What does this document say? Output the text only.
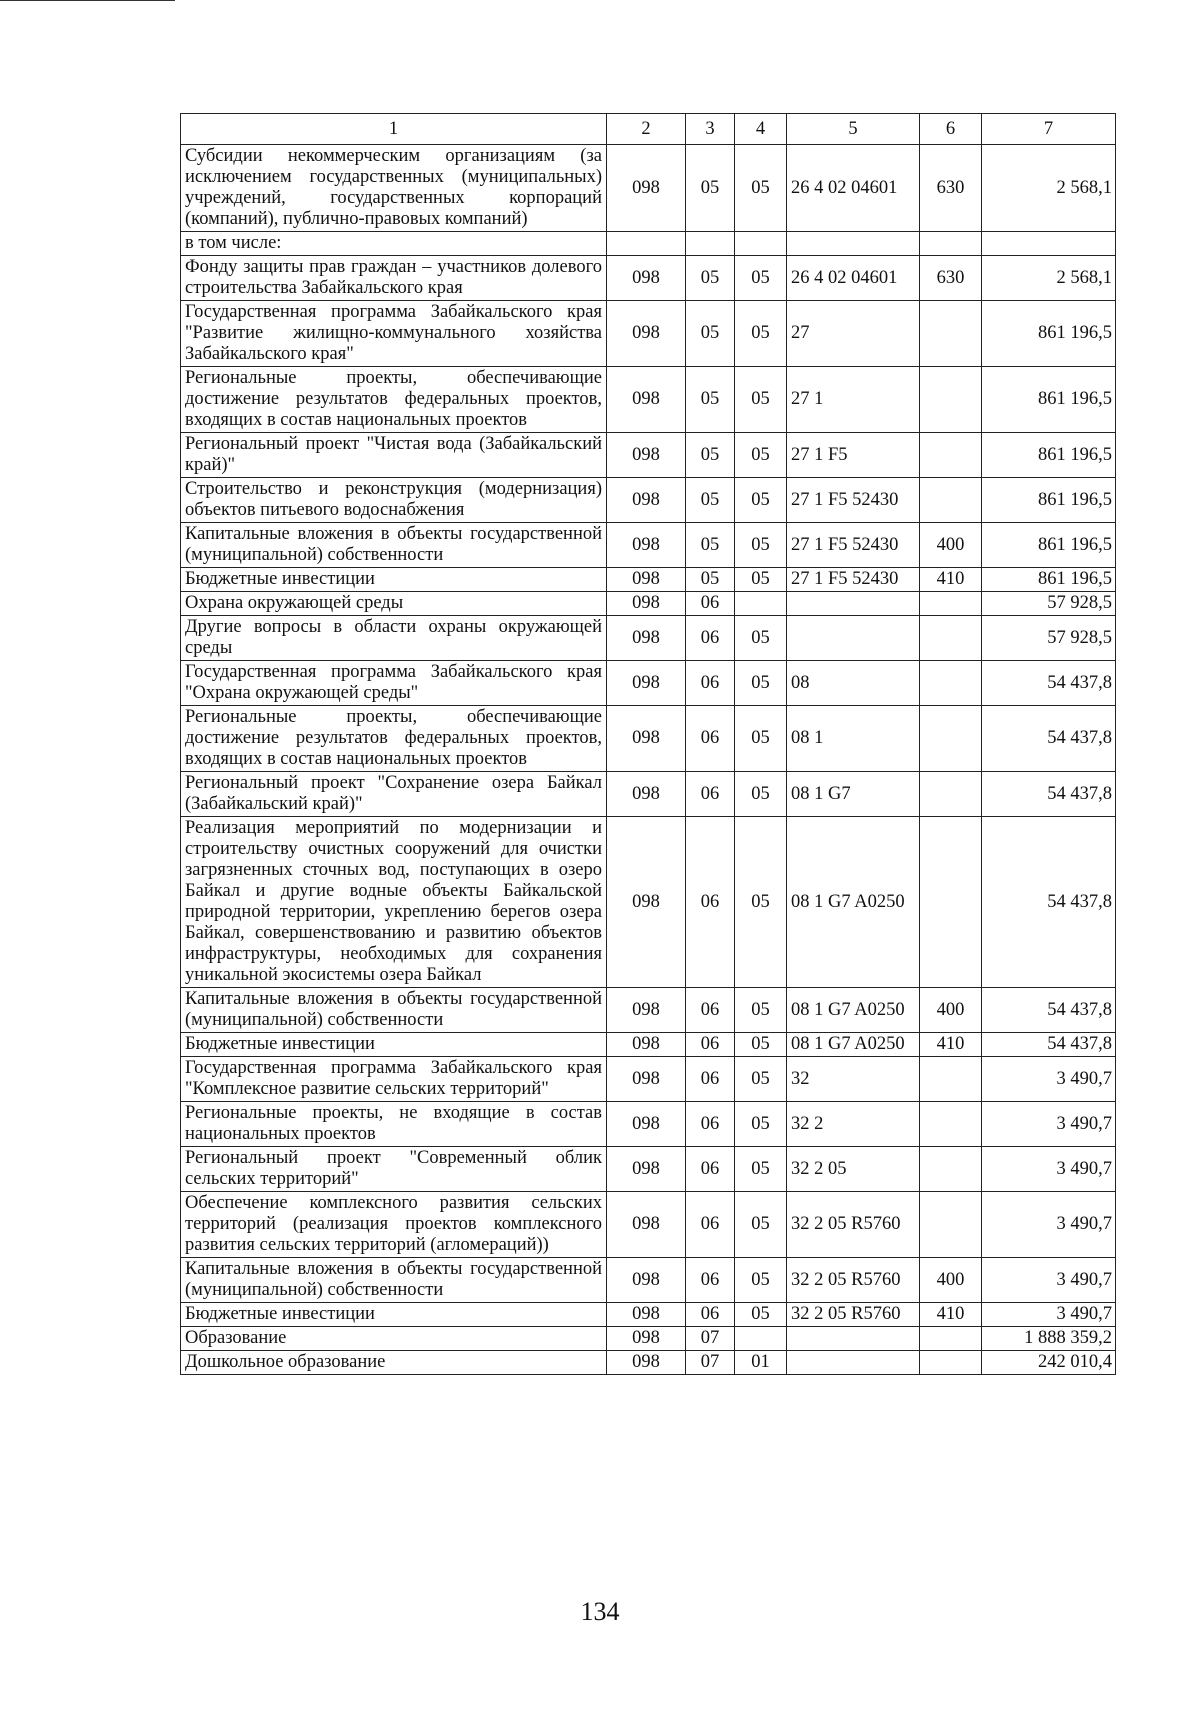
1	2	3	4	5	6	7
Субсидии некоммерческим организациям (за исключением государственных (муниципальных) учреждений, государственных корпораций (компаний), публично-правовых компаний)	098	05	05	26 4 02 04601	630	2 568,1
в том числе:						
Фонду защиты прав граждан – участников долевого строительства Забайкальского края	098	05	05	26 4 02 04601	630	2 568,1
Государственная программа Забайкальского края "Развитие жилищно-коммунального хозяйства Забайкальского края"	098	05	05	27		861 196,5
Региональные проекты, обеспечивающие достижение результатов федеральных проектов, входящих в состав национальных проектов	098	05	05	27 1		861 196,5
Региональный проект "Чистая вода (Забайкальский край)"	098	05	05	27 1 F5		861 196,5
Строительство и реконструкция (модернизация) объектов питьевого водоснабжения	098	05	05	27 1 F5 52430		861 196,5
Капитальные вложения в объекты государственной (муниципальной) собственности	098	05	05	27 1 F5 52430	400	861 196,5
Бюджетные инвестиции	098	05	05	27 1 F5 52430	410	861 196,5
Охрана окружающей среды	098	06				57 928,5
Другие вопросы в области охраны окружающей среды	098	06	05			57 928,5
Государственная программа Забайкальского края "Охрана окружающей среды"	098	06	05	08		54 437,8
Региональные проекты, обеспечивающие достижение результатов федеральных проектов, входящих в состав национальных проектов	098	06	05	08 1		54 437,8
Региональный проект "Сохранение озера Байкал (Забайкальский край)"	098	06	05	08 1 G7		54 437,8
Реализация мероприятий по модернизации и строительству очистных сооружений для очистки загрязненных сточных вод, поступающих в озеро Байкал и другие водные объекты Байкальской природной территории, укреплению берегов озера Байкал, совершенствованию и развитию объектов инфраструктуры, необходимых для сохранения уникальной экосистемы озера Байкал	098	06	05	08 1 G7 A0250		54 437,8
Капитальные вложения в объекты государственной (муниципальной) собственности	098	06	05	08 1 G7 A0250	400	54 437,8
Бюджетные инвестиции	098	06	05	08 1 G7 A0250	410	54 437,8
Государственная программа Забайкальского края "Комплексное развитие сельских территорий"	098	06	05	32		3 490,7
Региональные проекты, не входящие в состав национальных проектов	098	06	05	32 2		3 490,7
Региональный проект "Современный облик сельских территорий"	098	06	05	32 2 05		3 490,7
Обеспечение комплексного развития сельских территорий (реализация проектов комплексного развития сельских территорий (агломераций))	098	06	05	32 2 05 R5760		3 490,7
Капитальные вложения в объекты государственной (муниципальной) собственности	098	06	05	32 2 05 R5760	400	3 490,7
Бюджетные инвестиции	098	06	05	32 2 05 R5760	410	3 490,7
Образование	098	07				1 888 359,2
Дошкольное образование	098	07	01			242 010,4
134
